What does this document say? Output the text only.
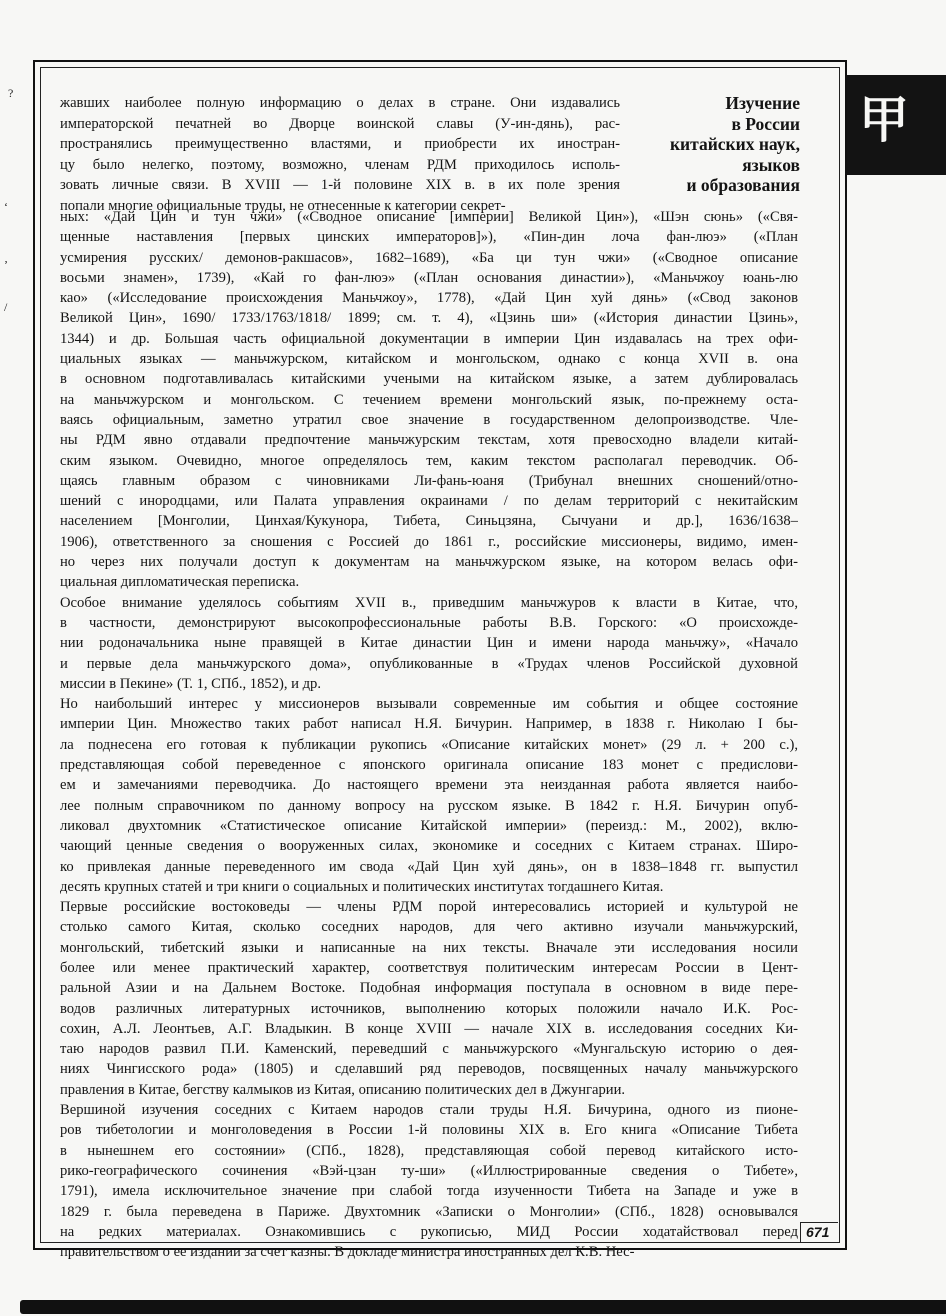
?
ʻ
ʼ
/
甲
Изучение
в России
китайских наук,
языков
и образования
жавших наиболее полную информацию о делах в стране. Они издавались
императорской печатней во Дворце воинской славы (У-ин-дянь), рас-
пространялись преимущественно властями, и приобрести их иностран-
цу было нелегко, поэтому, возможно, членам РДМ приходилось исполь-
зовать личные связи. В XVIII — 1-й половине XIX в. в их поле зрения
попали многие официальные труды, не отнесенные к категории секрет-

ных: «Дай Цин и тун чжи» («Сводное описание [империи] Великой Цин»), «Шэн сюнь» («Свя-
щенные наставления [первых цинских императоров]»), «Пин-дин лоча фан-люэ» («План
усмирения русских/ демонов-ракшасов», 1682–1689), «Ба ци тун чжи» («Сводное описание
восьми знамен», 1739), «Кай го фан-люэ» («План основания династии»), «Маньчжоу юань-лю
као» («Исследование происхождения Маньчжоу», 1778), «Дай Цин хуй дянь» («Свод законов
Великой Цин», 1690/ 1733/1763/1818/ 1899; см. т. 4), «Цзинь ши» («История династии Цзинь»,
1344) и др. Большая часть официальной документации в империи Цин издавалась на трех офи-
циальных языках — маньчжурском, китайском и монгольском, однако с конца XVII в. она
в основном подготавливалась китайскими учеными на китайском языке, а затем дублировалась
на маньчжурском и монгольском. С течением времени монгольский язык, по-прежнему оста-
ваясь официальным, заметно утратил свое значение в государственном делопроизводстве. Чле-
ны РДМ явно отдавали предпочтение маньчжурским текстам, хотя превосходно владели китай-
ским языком. Очевидно, многое определялось тем, каким текстом располагал переводчик. Об-
щаясь главным образом с чиновниками Ли-фань-юаня (Трибунал внешних сношений/отно-
шений с инородцами, или Палата управления окраинами / по делам территорий с некитайским
населением [Монголии, Цинхая/Кукунора, Тибета, Синьцзяна, Сычуани и др.], 1636/1638–
1906), ответственного за сношения с Россией до 1861 г., российские миссионеры, видимо, имен-
но через них получали доступ к документам на маньчжурском языке, на котором велась офи-
циальная дипломатическая переписка.

Особое внимание уделялось событиям XVII в., приведшим маньчжуров к власти в Китае, что,
в частности, демонстрируют высокопрофессиональные работы В.В. Горского: «О происхожде-
нии родоначальника ныне правящей в Китае династии Цин и имени народа маньчжу», «Начало
и первые дела маньчжурского дома», опубликованные в «Трудах членов Российской духовной
миссии в Пекине» (Т. 1, СПб., 1852), и др.

Но наибольший интерес у миссионеров вызывали современные им события и общее состояние
империи Цин. Множество таких работ написал Н.Я. Бичурин. Например, в 1838 г. Николаю I бы-
ла поднесена его готовая к публикации рукопись «Описание китайских монет» (29 л. + 200 с.),
представляющая собой переведенное с японского оригинала описание 183 монет с предислови-
ем и замечаниями переводчика. До настоящего времени эта неизданная работа является наибо-
лее полным справочником по данному вопросу на русском языке. В 1842 г. Н.Я. Бичурин опуб-
ликовал двухтомник «Статистическое описание Китайской империи» (переизд.: М., 2002), вклю-
чающий ценные сведения о вооруженных силах, экономике и соседних с Китаем странах. Широ-
ко привлекая данные переведенного им свода «Дай Цин хуй дянь», он в 1838–1848 гг. выпустил
десять крупных статей и три книги о социальных и политических институтах тогдашнего Китая.

Первые российские востоковеды — члены РДМ порой интересовались историей и культурой не
столько самого Китая, сколько соседних народов, для чего активно изучали маньчжурский,
монгольский, тибетский языки и написанные на них тексты. Вначале эти исследования носили
более или менее практический характер, соответствуя политическим интересам России в Цент-
ральной Азии и на Дальнем Востоке. Подобная информация поступала в основном в виде пере-
водов различных литературных источников, выполнению которых положили начало И.К. Рос-
сохин, А.Л. Леонтьев, А.Г. Владыкин. В конце XVIII — начале XIX в. исследования соседних Ки-
таю народов развил П.И. Каменский, переведший с маньчжурского «Мунгальскую историю о дея-
ниях Чингисского рода» (1805) и сделавший ряд переводов, посвященных началу маньчжурского
правления в Китае, бегству калмыков из Китая, описанию политических дел в Джунгарии.

Вершиной изучения соседних с Китаем народов стали труды Н.Я. Бичурина, одного из пионе-
ров тибетологии и монголоведения в России 1-й половины XIX в. Его книга «Описание Тибета
в нынешнем его состоянии» (СПб., 1828), представляющая собой перевод китайского исто-
рико-географического сочинения «Вэй-цзан ту-ши» («Иллюстрированные сведения о Тибете»,
1791), имела исключительное значение при слабой тогда изученности Тибета на Западе и уже в
1829 г. была переведена в Париже. Двухтомник «Записки о Монголии» (СПб., 1828) основывался
на редких материалах. Ознакомившись с рукописью, МИД России ходатайствовал перед
правительством о ее издании за счет казны. В докладе министра иностранных дел К.В. Нес-

671
